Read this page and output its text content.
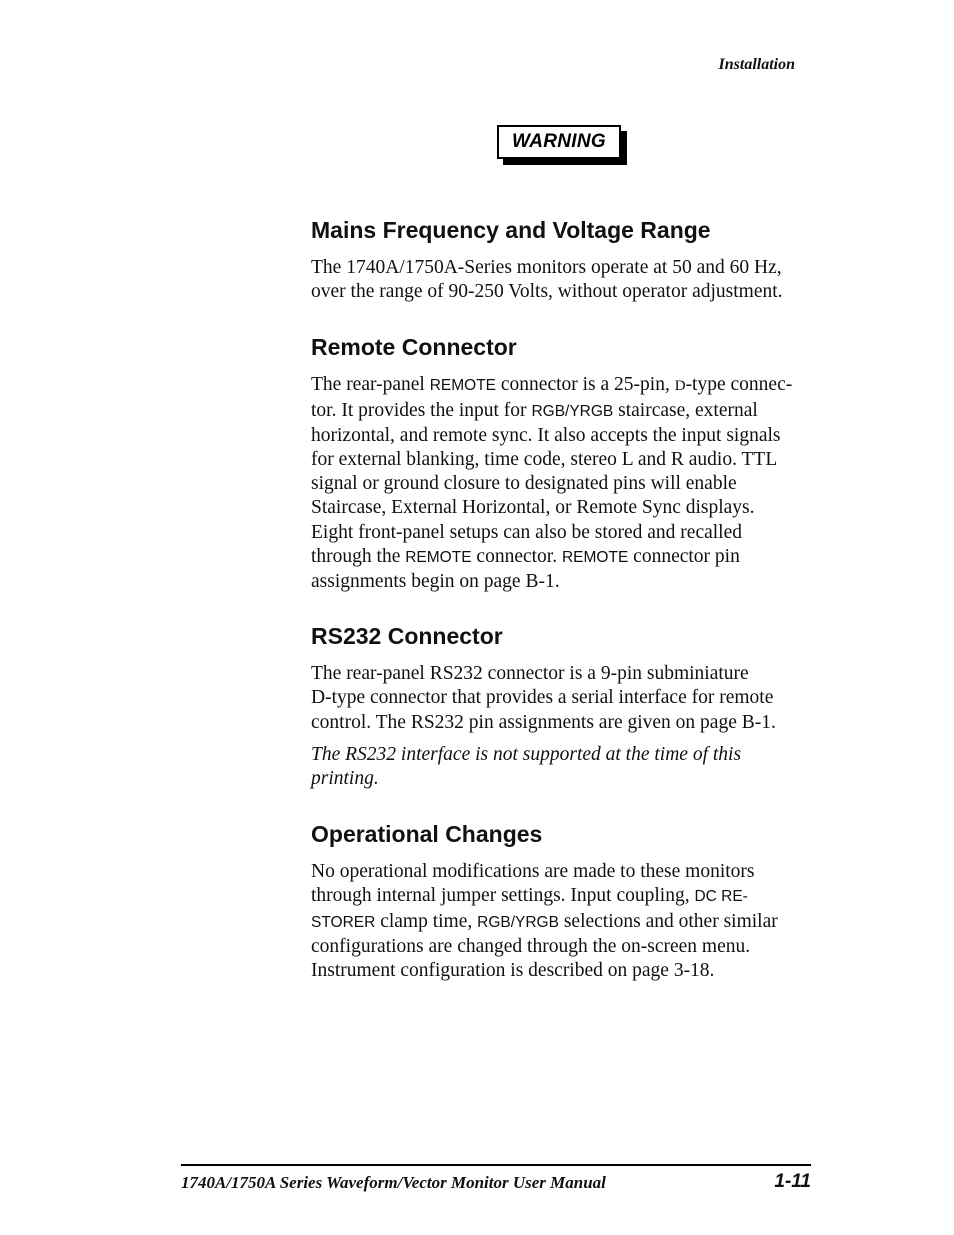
Installation
WARNING
Mains Frequency and Voltage Range

The 1740A/1750A-Series monitors operate at 50 and 60 Hz,
over the range of 90-250 Volts, without operator adjustment.

Remote Connector

The rear-panel REMOTE connector is a 25-pin, D-type connec-
tor. It provides the input for RGB/YRGB staircase, external
horizontal, and remote sync. It also accepts the input signals
for external blanking, time code, stereo L and R audio. TTL
signal or ground closure to designated pins will enable
Staircase, External Horizontal, or Remote Sync displays.
Eight front-panel setups can also be stored and recalled
through the REMOTE connector. REMOTE connector pin
assignments begin on page B-1.

RS232 Connector

The rear-panel RS232 connector is a 9-pin subminiature
D-type connector that provides a serial interface for remote
control. The RS232 pin assignments are given on page B-1.

The RS232 interface is not supported at the time of this
printing.

Operational Changes

No operational modifications are made to these monitors
through internal jumper settings. Input coupling, DC RE-
STORER clamp time, RGB/YRGB selections and other similar
configurations are changed through the on-screen menu.
Instrument configuration is described on page 3-18.

1740A/1750A Series Waveform/Vector Monitor User Manual	1-11
